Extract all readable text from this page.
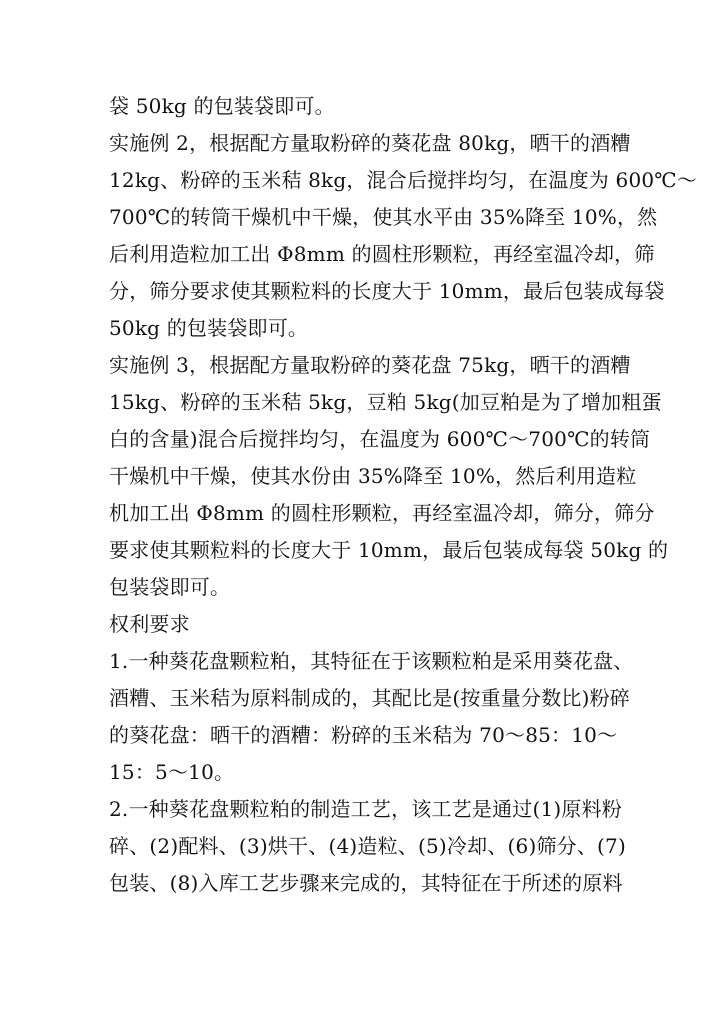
袋 50kg 的包装袋即可。
实施例 2，根据配方量取粉碎的葵花盘 80kg，晒干的酒糟
12kg、粉碎的玉米秸 8kg，混合后搅拌均匀，在温度为 600℃～
700℃的转筒干燥机中干燥，使其水平由 35%降至 10%，然
后利用造粒加工出 Φ8mm 的圆柱形颗粒，再经室温冷却，筛
分，筛分要求使其颗粒料的长度大于 10mm，最后包装成每袋
50kg 的包装袋即可。
实施例 3，根据配方量取粉碎的葵花盘 75kg，晒干的酒糟
15kg、粉碎的玉米秸 5kg，豆粕 5kg(加豆粕是为了增加粗蛋
白的含量)混合后搅拌均匀，在温度为 600℃～700℃的转筒
干燥机中干燥，使其水份由 35%降至 10%，然后利用造粒
机加工出 Φ8mm 的圆柱形颗粒，再经室温冷却，筛分，筛分
要求使其颗粒料的长度大于 10mm，最后包装成每袋 50kg 的
包装袋即可。
权利要求
1.一种葵花盘颗粒粕，其特征在于该颗粒粕是采用葵花盘、
酒糟、玉米秸为原料制成的，其配比是(按重量分数比)粉碎
的葵花盘：晒干的酒糟：粉碎的玉米秸为 70～85：10～
15：5～10。
2.一种葵花盘颗粒粕的制造工艺，该工艺是通过(1)原料粉
碎、(2)配料、(3)烘干、(4)造粒、(5)冷却、(6)筛分、(7)
包装、(8)入库工艺步骤来完成的，其特征在于所述的原料
